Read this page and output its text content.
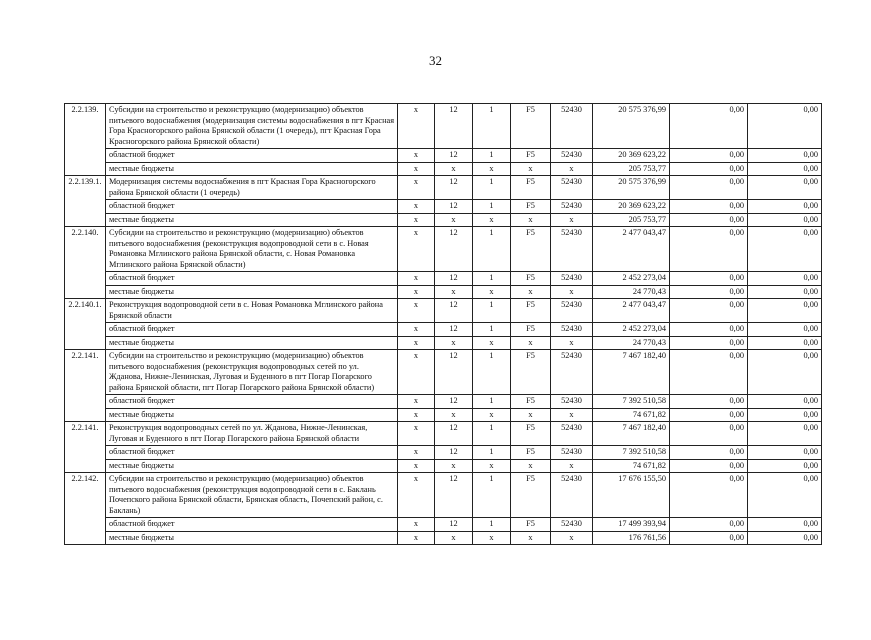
32
2.2.139.	Субсидии на строительство и реконструкцию (модернизацию) объектов питьевого водоснабжения (модернизация системы водоснабжения в пгт Красная Гора Красногорского района Брянской области (1 очередь), пгт Красная Гора Красногорского района Брянской области)	х	12	1	F5	52430	20 575 376,99	0,00	0,00
	областной бюджет	х	12	1	F5	52430	20 369 623,22	0,00	0,00
	местные бюджеты	х	х	х	х	х	205 753,77	0,00	0,00
2.2.139.1.	Модернизация системы водоснабжения в пгт Красная Гора Красногорского района Брянской области (1 очередь)	х	12	1	F5	52430	20 575 376,99	0,00	0,00
	областной бюджет	х	12	1	F5	52430	20 369 623,22	0,00	0,00
	местные бюджеты	х	х	х	х	х	205 753,77	0,00	0,00
2.2.140.	Субсидии на строительство и реконструкцию (модернизацию) объектов питьевого водоснабжения (реконструкция водопроводной сети в с. Новая Романовка Мглинского района Брянской области, с. Новая Романовка Мглинского района Брянской области)	х	12	1	F5	52430	2 477 043,47	0,00	0,00
	областной бюджет	х	12	1	F5	52430	2 452 273,04	0,00	0,00
	местные бюджеты	х	х	х	х	х	24 770,43	0,00	0,00
2.2.140.1.	Реконструкция водопроводной сети в с. Новая Романовка Мглинского района Брянской области	х	12	1	F5	52430	2 477 043,47	0,00	0,00
	областной бюджет	х	12	1	F5	52430	2 452 273,04	0,00	0,00
	местные бюджеты	х	х	х	х	х	24 770,43	0,00	0,00
2.2.141.	Субсидии на строительство и реконструкцию (модернизацию) объектов питьевого водоснабжения (реконструкция водопроводных сетей по ул. Жданова, Нижне-Ленинская, Луговая и Буденного в пгт Погар Погарского района Брянской области, пгт Погар Погарского района Брянской области)	х	12	1	F5	52430	7 467 182,40	0,00	0,00
	областной бюджет	х	12	1	F5	52430	7 392 510,58	0,00	0,00
	местные бюджеты	х	х	х	х	х	74 671,82	0,00	0,00
2.2.141.	Реконструкция водопроводных сетей по ул. Жданова, Нижне-Ленинская, Луговая и Буденного в пгт Погар Погарского района Брянской области	х	12	1	F5	52430	7 467 182,40	0,00	0,00
	областной бюджет	х	12	1	F5	52430	7 392 510,58	0,00	0,00
	местные бюджеты	х	х	х	х	х	74 671,82	0,00	0,00
2.2.142.	Субсидии на строительство и реконструкцию (модернизацию) объектов питьевого водоснабжения (реконструкция водопроводной сети в с. Баклань Почепского района Брянской области, Брянская область, Почепский район, с. Баклань)	х	12	1	F5	52430	17 676 155,50	0,00	0,00
	областной бюджет	х	12	1	F5	52430	17 499 393,94	0,00	0,00
	местные бюджеты	х	х	х	х	х	176 761,56	0,00	0,00
